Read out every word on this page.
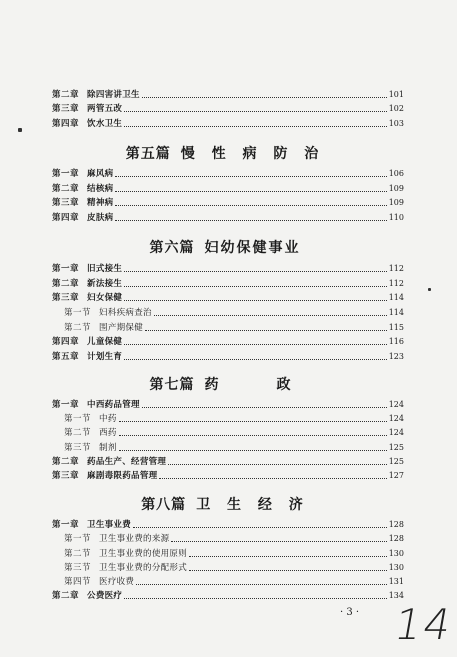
第二章 除四害讲卫生	101
第三章 两管五改	102
第四章 饮水卫生	103
第五篇 慢 性 病 防 治
第一章 麻风病	106
第二章 结核病	109
第三章 精神病	109
第四章 皮肤病	110
第六篇 妇幼保健事业
第一章 旧式接生	112
第二章 新法接生	112
第三章 妇女保健	114
第一节 妇科疾病查治	114
第二节 围产期保健	115
第四章 儿童保健	116
第五章 计划生育	123
第七篇 药　　政
第一章 中西药品管理	124
第一节 中药	124
第二节 西药	124
第三节 制剂	125
第二章 药品生产、经营管理	125
第三章 麻剧毒限药品管理	127
第八篇 卫 生 经 济
第一章 卫生事业费	128
第一节 卫生事业费的来源	128
第二节 卫生事业费的使用原则	130
第三节 卫生事业费的分配形式	130
第四节 医疗收费	131
第二章 公费医疗	134
· 3 · 14
